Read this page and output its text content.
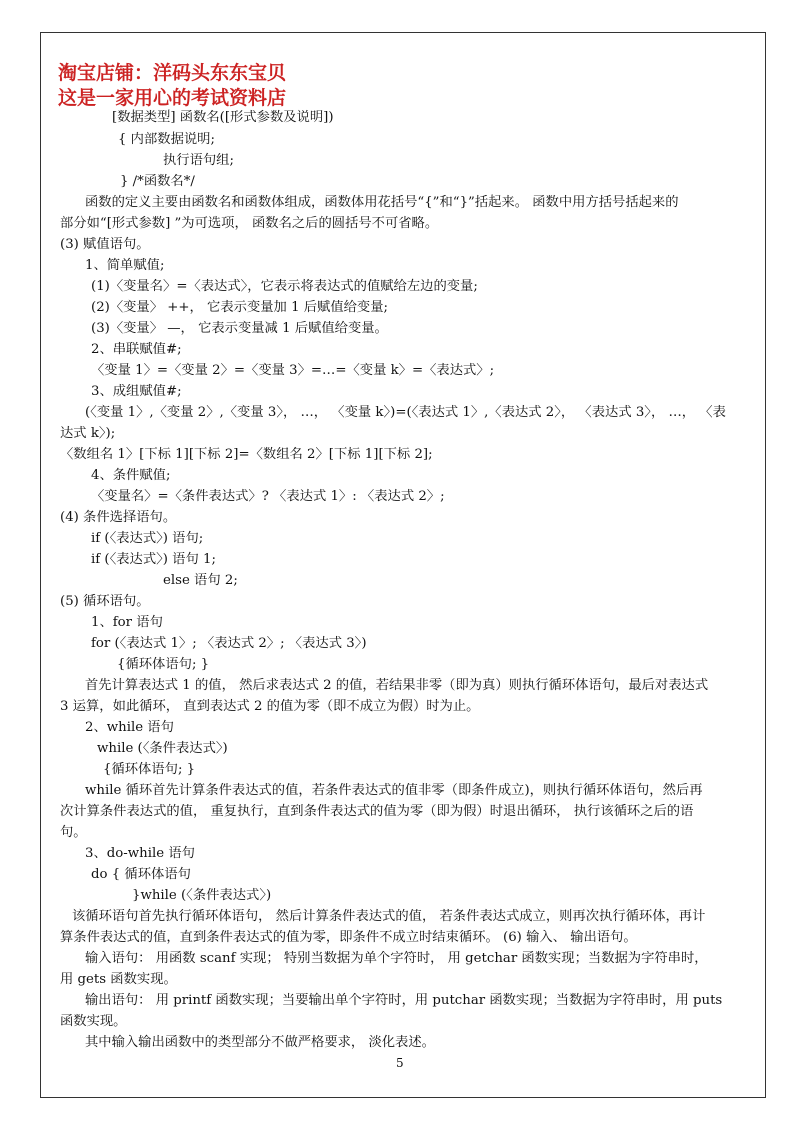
淘宝店铺：洋码头东东宝贝
这是一家用心的考试资料店
[数据类型] 函数名([形式参数及说明])
{ 内部数据说明;
执行语句组;
} /*函数名*/
函数的定义主要由函数名和函数体组成，函数体用花括号“{”和“}”括起来。 函数中用方括号括起来的
部分如“[形式参数] ”为可选项， 函数名之后的圆括号不可省略。
(3) 赋值语句。
1、简单赋值;
(1)〈变量名〉=〈表达式〉，它表示将表达式的值赋给左边的变量;
(2)〈变量〉 ++， 它表示变量加 1 后赋值给变量;
(3)〈变量〉 —， 它表示变量减 1 后赋值给变量。
2、串联赋值#;
〈变量 1〉=〈变量 2〉=〈变量 3〉=…=〈变量 k〉=〈表达式〉;
3、成组赋值#;
(〈变量 1〉,〈变量 2〉,〈变量 3〉， …， 〈变量 k〉)=(〈表达式 1〉,〈表达式 2〉， 〈表达式 3〉， …， 〈表
达式 k〉);
〈数组名 1〉[下标 1][下标 2]=〈数组名 2〉[下标 1][下标 2];
4、条件赋值;
〈变量名〉=〈条件表达式〉? 〈表达式 1〉: 〈表达式 2〉;
(4) 条件选择语句。
if (〈表达式〉) 语句;
if (〈表达式〉) 语句 1;
else 语句 2;
(5) 循环语句。
1、for 语句
for (〈表达式 1〉; 〈表达式 2〉; 〈表达式 3〉)
{循环体语句; }
首先计算表达式 1 的值， 然后求表达式 2 的值，若结果非零（即为真）则执行循环体语句，最后对表达式
3 运算，如此循环， 直到表达式 2 的值为零（即不成立为假）时为止。
2、while 语句
while (〈条件表达式〉)
{循环体语句; }
while 循环首先计算条件表达式的值，若条件表达式的值非零（即条件成立)，则执行循环体语句，然后再
次计算条件表达式的值， 重复执行，直到条件表达式的值为零（即为假）时退出循环， 执行该循环之后的语
句。
3、do-while 语句
do { 循环体语句
}while (〈条件表达式〉)
该循环语句首先执行循环体语句， 然后计算条件表达式的值， 若条件表达式成立，则再次执行循环体，再计
算条件表达式的值，直到条件表达式的值为零，即条件不成立时结束循环。 (6) 输入、 输出语句。
输入语句： 用函数 scanf 实现； 特别当数据为单个字符时， 用 getchar 函数实现；当数据为字符串时，
用 gets 函数实现。
输出语句： 用 printf 函数实现；当要输出单个字符时，用 putchar 函数实现；当数据为字符串时，用 puts
函数实现。
其中输入输出函数中的类型部分不做严格要求， 淡化表述。
5
